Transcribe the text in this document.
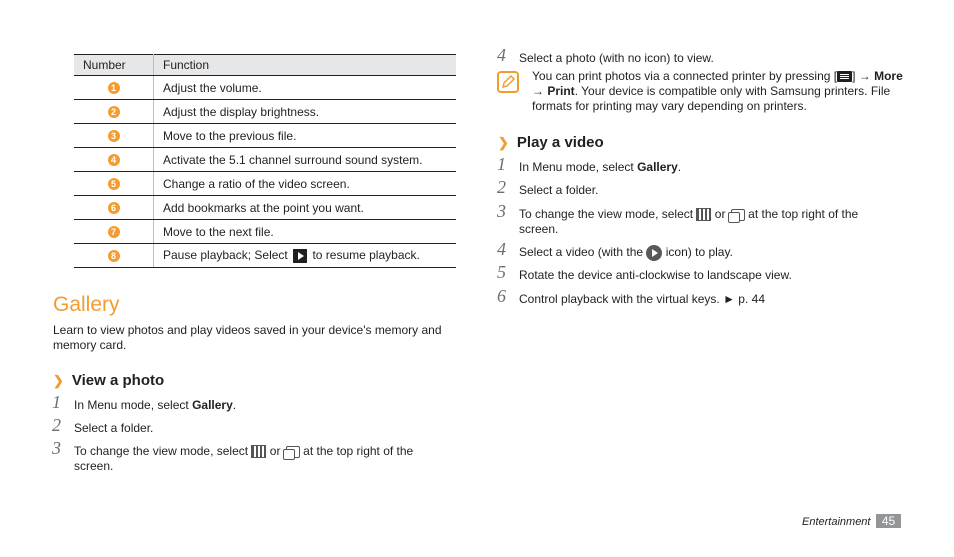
Number	Function
1	Adjust the volume.
2	Adjust the display brightness.
3	Move to the previous file.
4	Activate the 5.1 channel surround sound system.
5	Change a ratio of the video screen.
6	Add bookmarks at the point you want.
7	Move to the next file.
8	Pause playback; Select to resume playback.
Gallery

Learn to view photos and play videos saved in your device's memory and memory card.

❯ View a photo
1 In Menu mode, select Gallery.
2 Select a folder.
3 To change the view mode, select or at the top right of the screen.
4 Select a photo (with no icon) to view.
You can print photos via a connected printer by pressing [ ] → More → Print. Your device is compatible only with Samsung printers. File formats for printing may vary depending on printers.
❯ Play a video
1 In Menu mode, select Gallery.
2 Select a folder.
3 To change the view mode, select or at the top right of the screen.
4 Select a video (with the icon) to play.
5 Rotate the device anti-clockwise to landscape view.
6 Control playback with the virtual keys. ► p. 44
Entertainment 45
